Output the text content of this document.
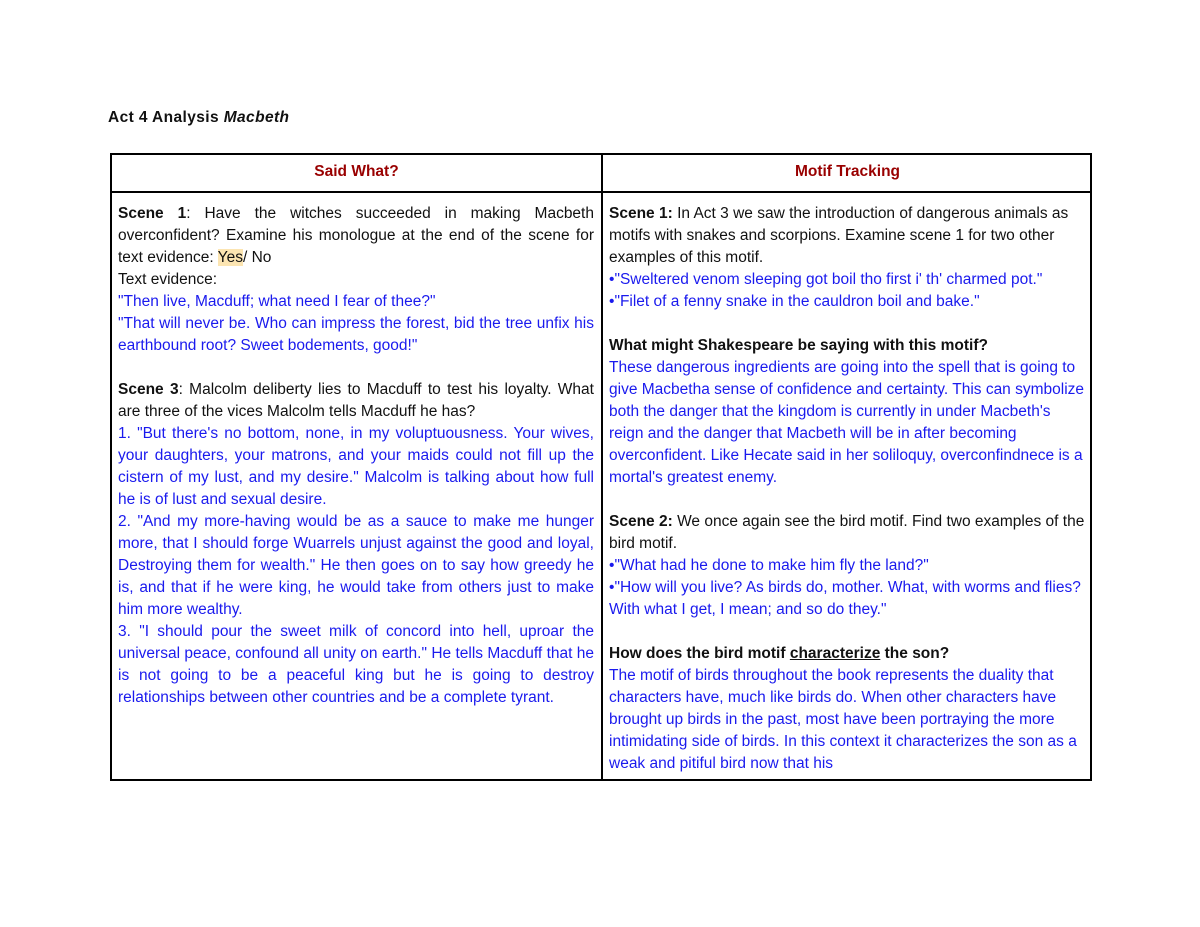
Act 4 Analysis Macbeth
Said What?	Motif Tracking

Scene 1: Have the witches succeeded in making Macbeth overconfident? Examine his monologue at the end of the scene for text evidence: Yes/ No

Text evidence:

"Then live, Macduff; what need I fear of thee?"

"That will never be. Who can impress the forest, bid the tree unfix his earthbound root? Sweet bodements, good!"

Scene 3: Malcolm deliberty lies to Macduff to test his loyalty. What are three of the vices Malcolm tells Macduff he has?

1. "But there's no bottom, none, in my voluptuousness. Your wives, your daughters, your matrons, and your maids could not fill up the cistern of my lust, and my desire." Malcolm is talking about how full he is of lust and sexual desire.

2. "And my more-having would be as a sauce to make me hunger more, that I should forge Wuarrels unjust against the good and loyal, Destroying them for wealth." He then goes on to say how greedy he is, and that if he were king, he would take from others just to make him more wealthy.

3. "I should pour the sweet milk of concord into hell, uproar the universal peace, confound all unity on earth." He tells Macduff that he is not going to be a peaceful king but he is going to destroy relationships between other countries and be a complete tyrant.

Scene 1: In Act 3 we saw the introduction of dangerous animals as motifs with snakes and scorpions. Examine scene 1 for two other examples of this motif.

•"Sweltered venom sleeping got boil tho first i' th' charmed pot."

•"Filet of a fenny snake in the cauldron boil and bake."

What might Shakespeare be saying with this motif?

These dangerous ingredients are going into the spell that is going to give Macbetha sense of confidence and certainty. This can symbolize both the danger that the kingdom is currently in under Macbeth's reign and the danger that Macbeth will be in after becoming overconfident. Like Hecate said in her soliloquy, overconfindnece is a mortal's greatest enemy.

Scene 2: We once again see the bird motif. Find two examples of the bird motif.

•"What had he done to make him fly the land?"

•"How will you live? As birds do, mother. What, with worms and flies? With what I get, I mean; and so do they."

How does the bird motif characterize the son?

The motif of birds throughout the book represents the duality that characters have, much like birds do. When other characters have brought up birds in the past, most have been portraying the more intimidating side of birds. In this context it characterizes the son as a weak and pitiful bird now that his
